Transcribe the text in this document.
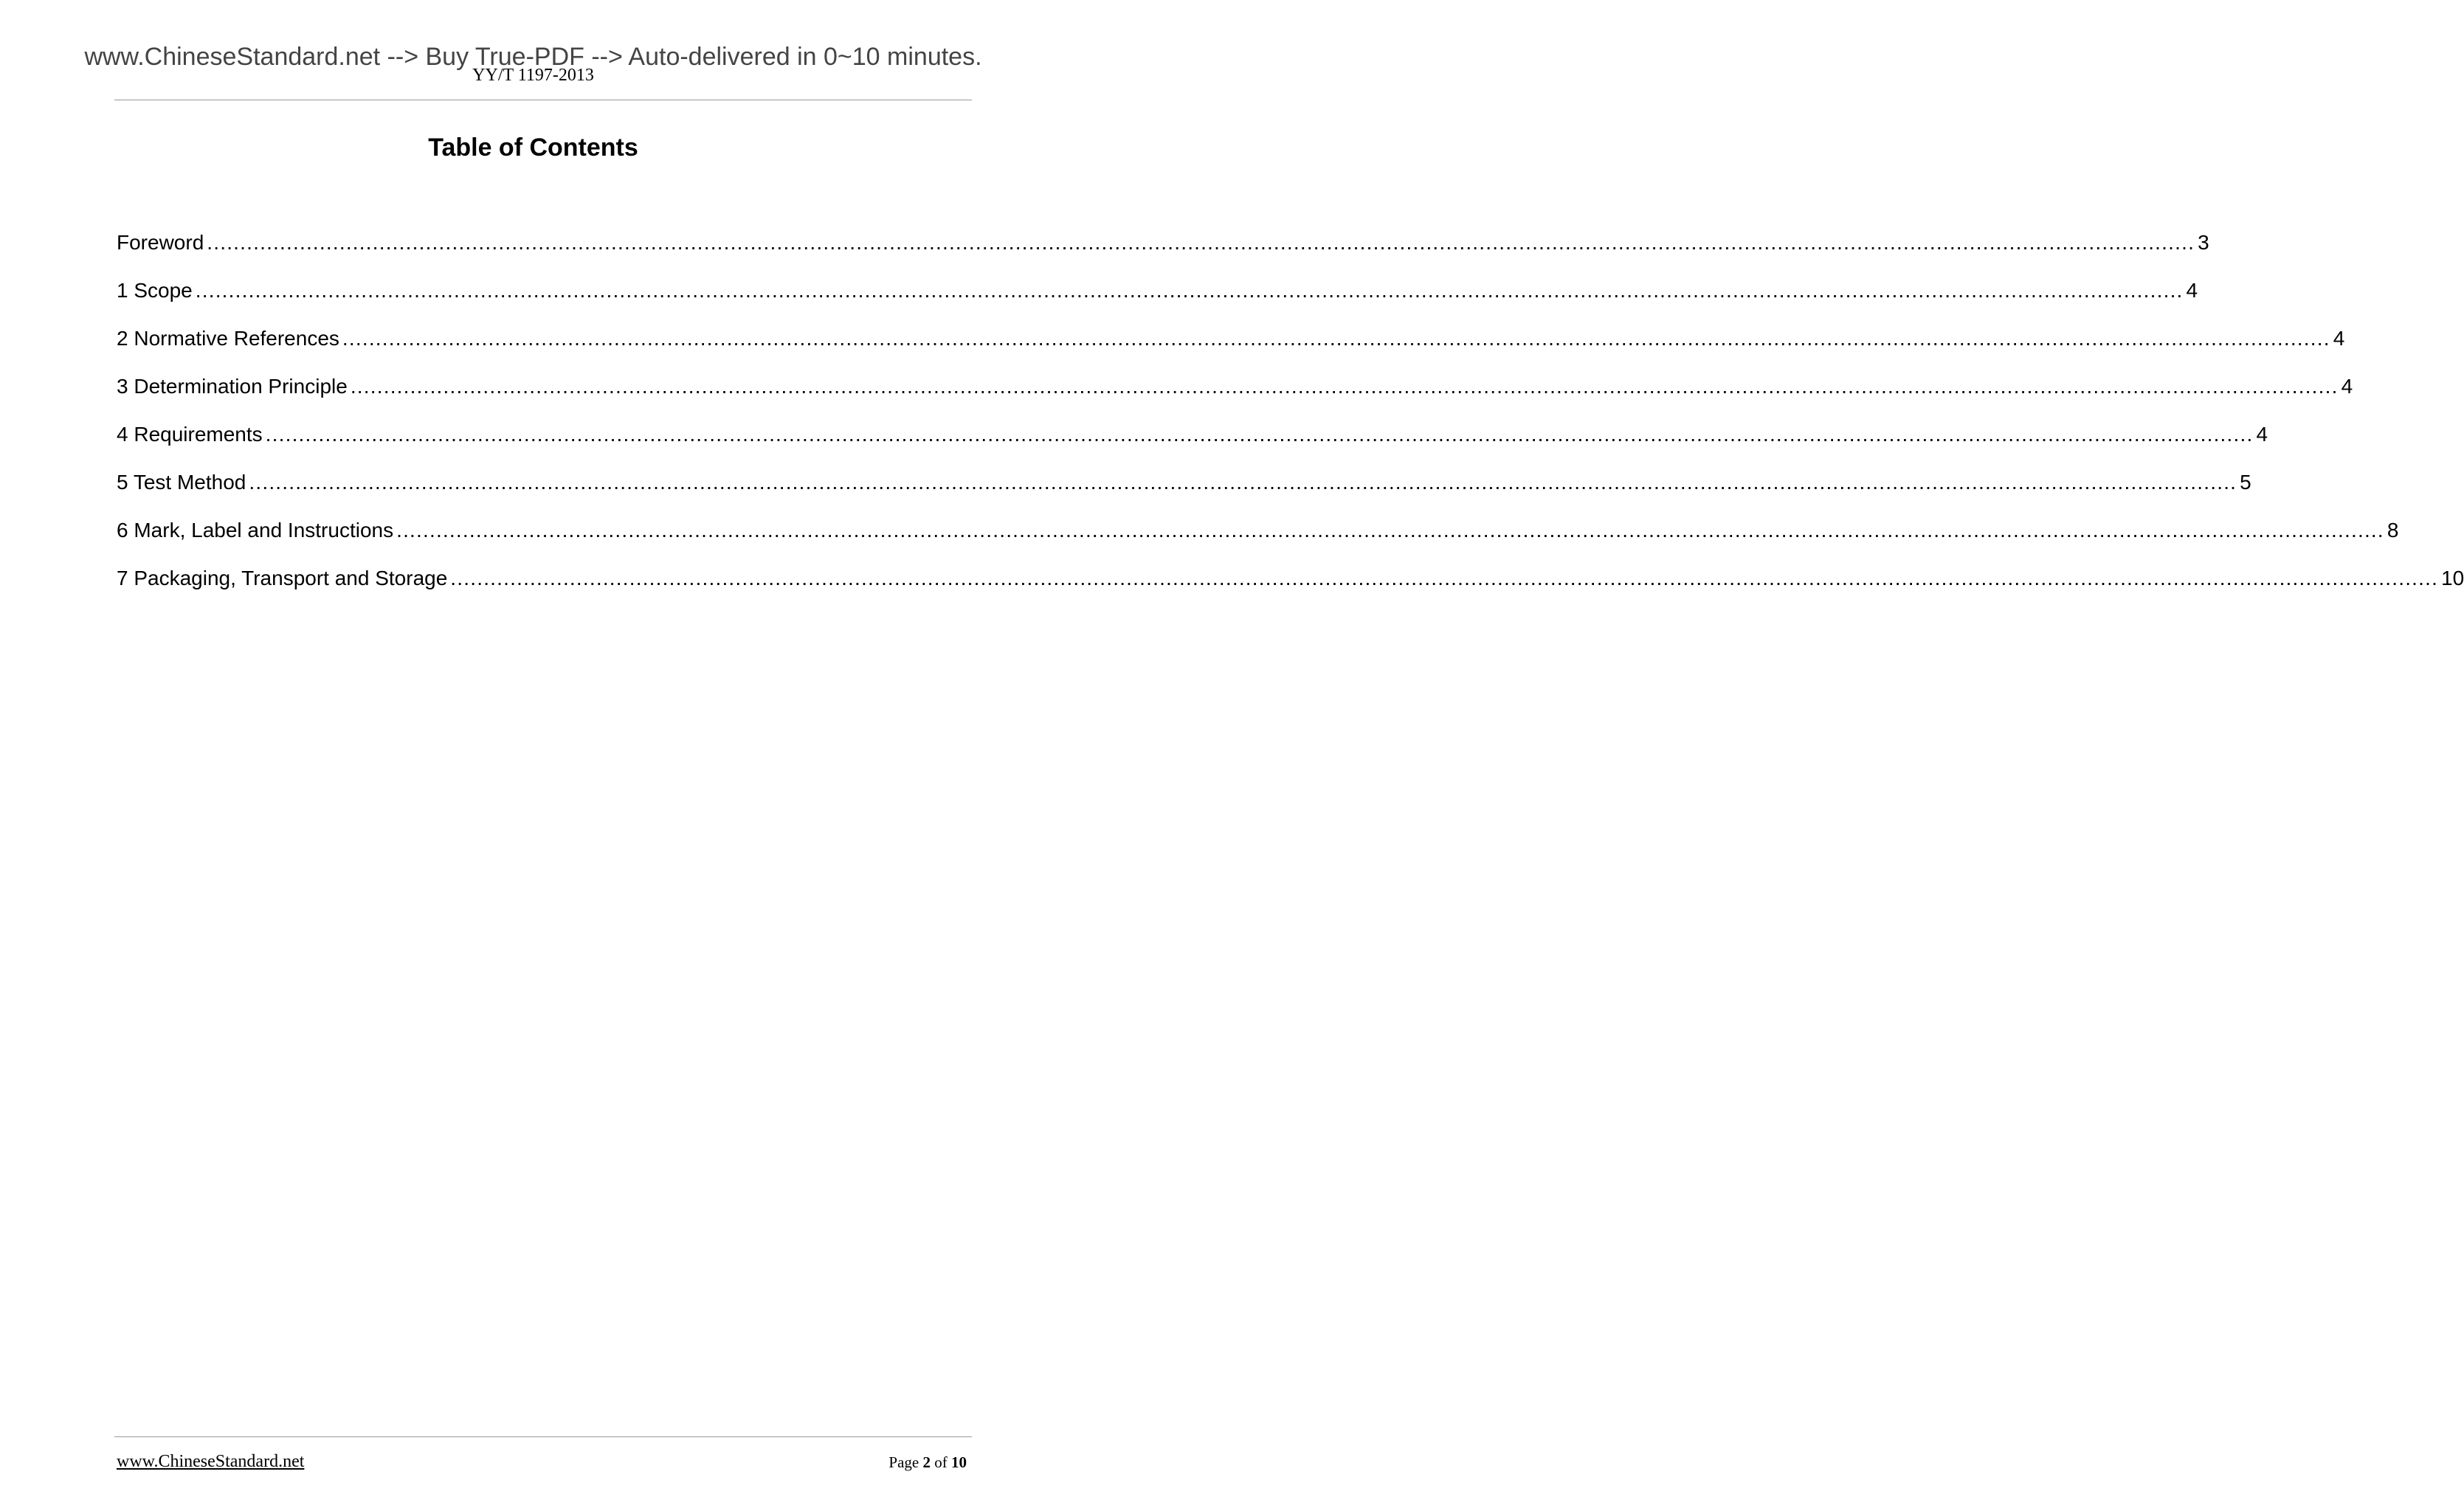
www.ChineseStandard.net --> Buy True-PDF --> Auto-delivered in 0~10 minutes.
YY/T 1197-2013
Table of Contents
Foreword ............................................................................................................................................................................................................................................................................................................ 3
1 Scope ............................................................................................................................................................................................................................................................................................................ 4
2 Normative References ............................................................................................................................................................................................................................................................................................................ 4
3 Determination Principle ............................................................................................................................................................................................................................................................................................................ 4
4 Requirements ............................................................................................................................................................................................................................................................................................................ 4
5 Test Method ............................................................................................................................................................................................................................................................................................................ 5
6 Mark, Label and Instructions ............................................................................................................................................................................................................................................................................................................ 8
7 Packaging, Transport and Storage ............................................................................................................................................................................................................................................................................................................ 10
www.ChineseStandard.net	Page 2 of 10
